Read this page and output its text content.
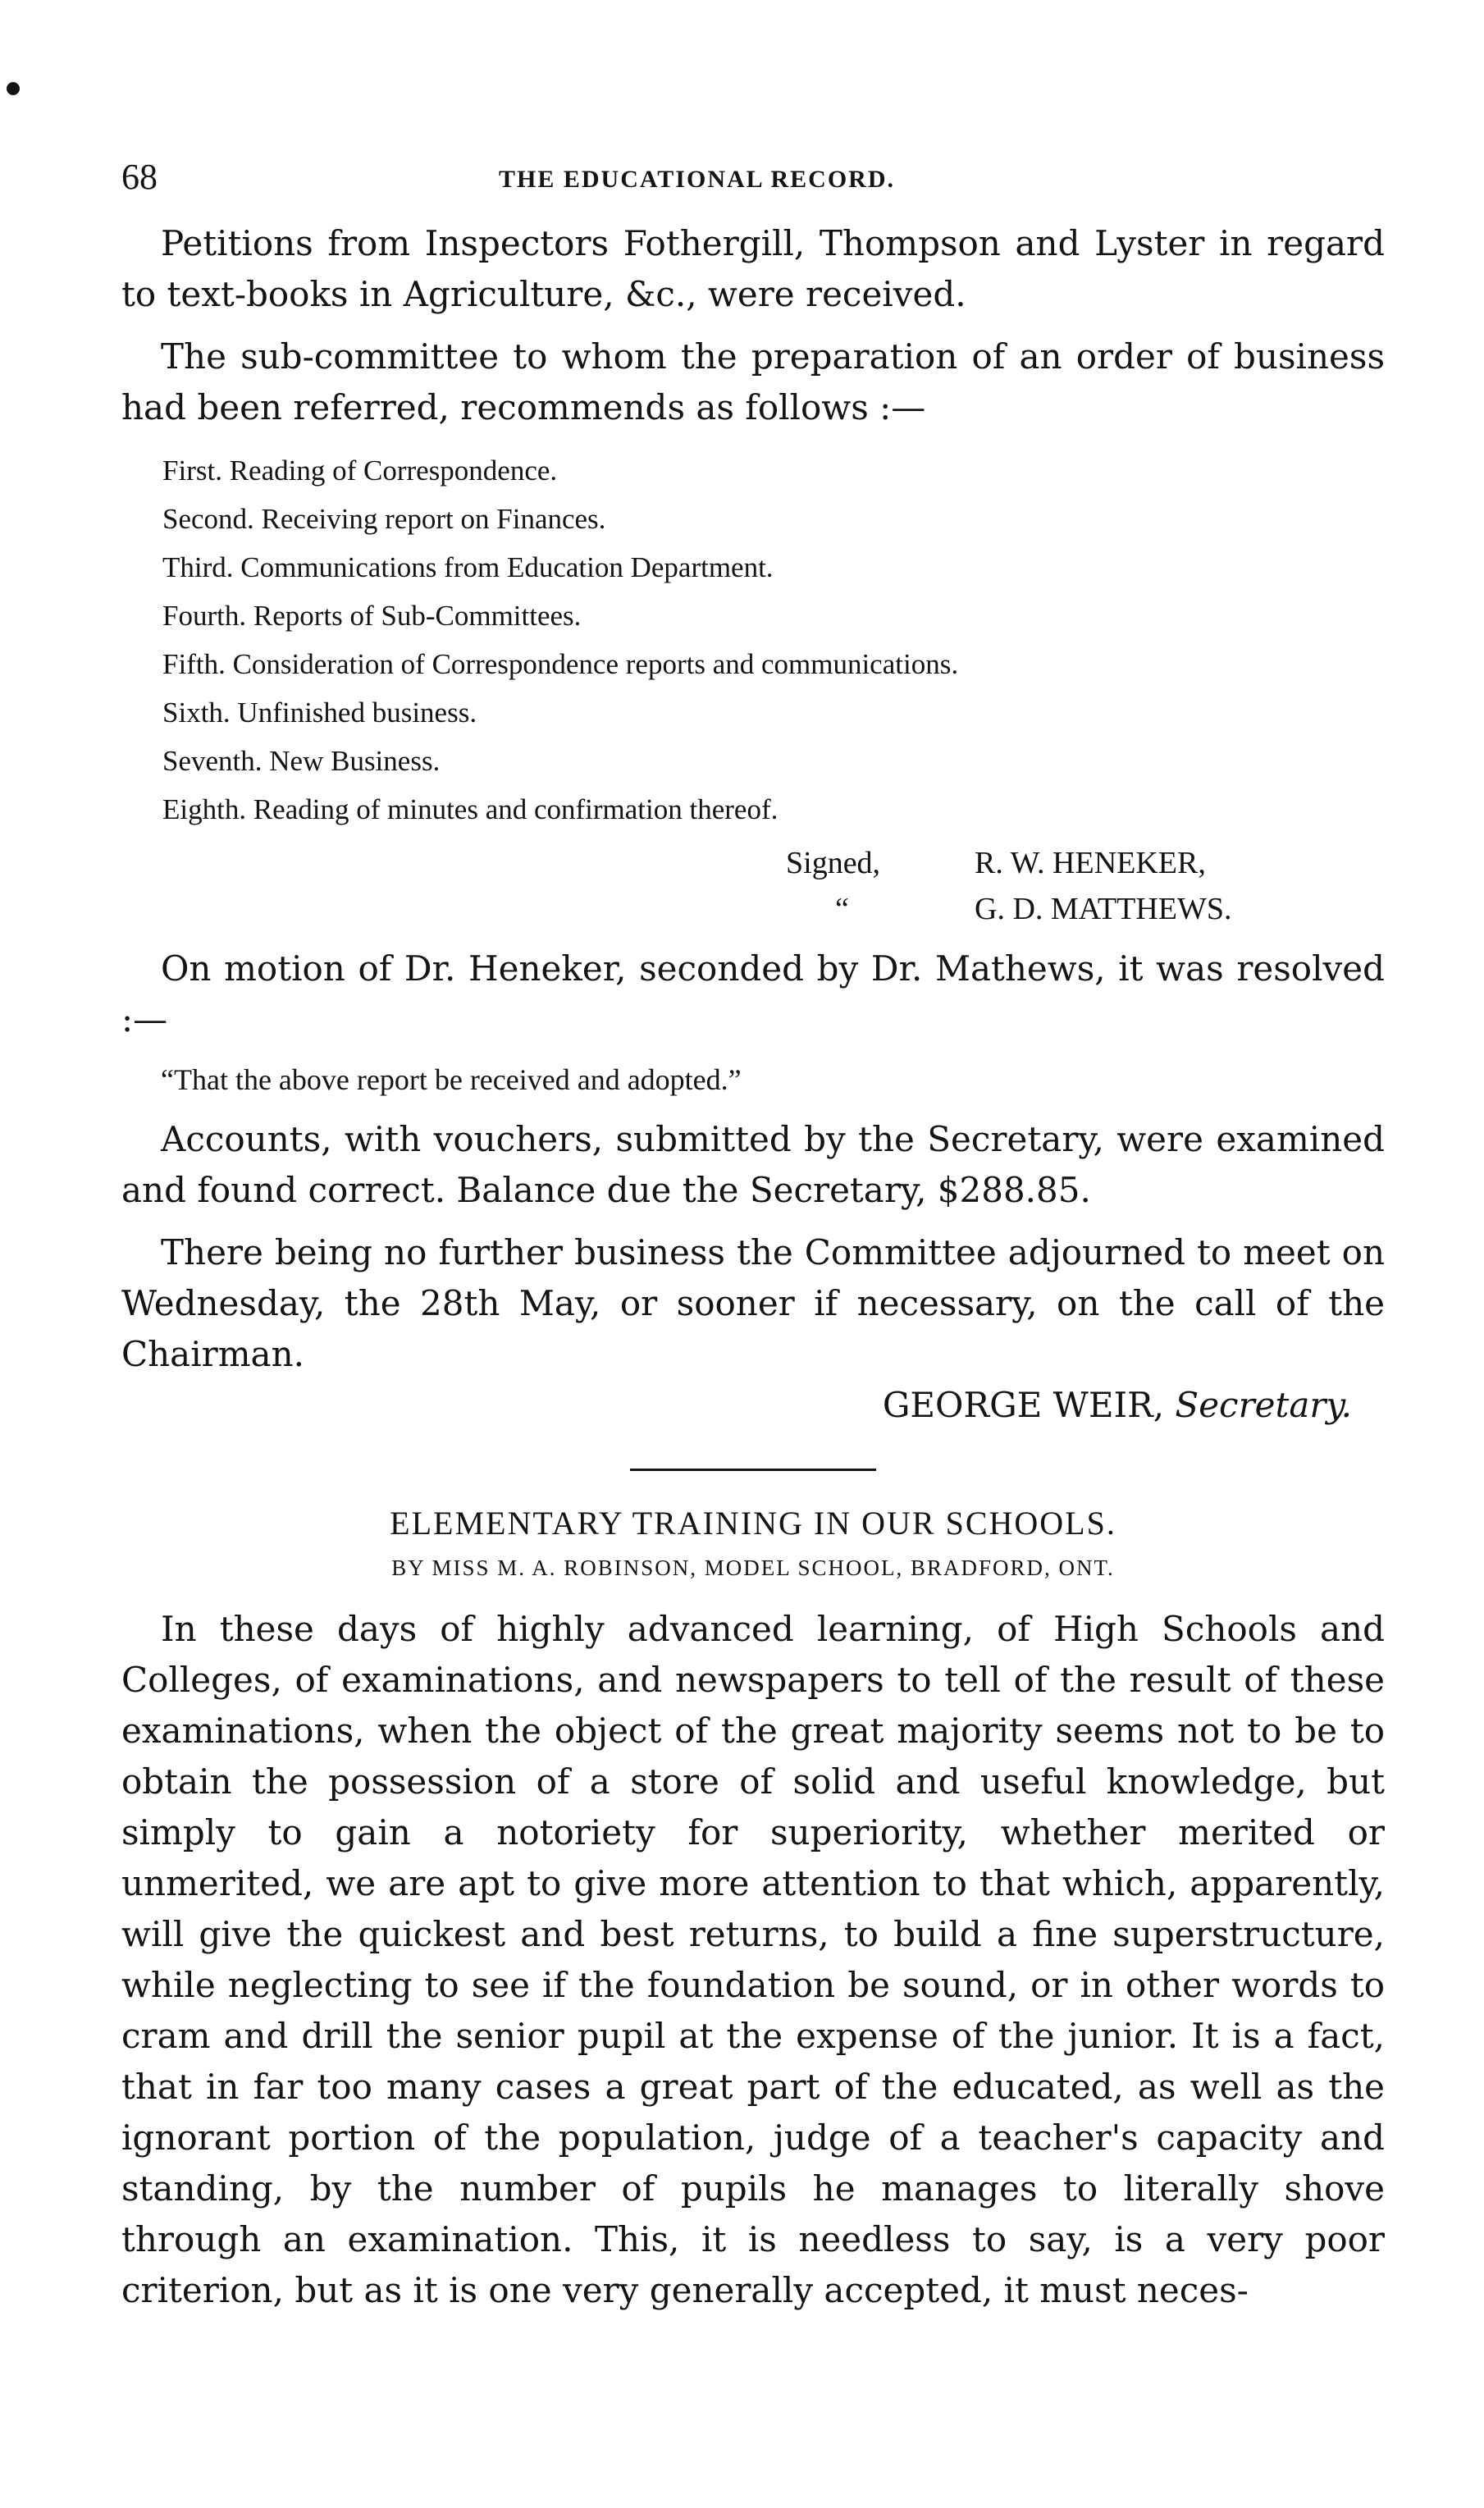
68	THE EDUCATIONAL RECORD.

Petitions from Inspectors Fothergill, Thompson and Lyster in regard to text-books in Agriculture, &c., were received.

The sub-committee to whom the preparation of an order of business had been referred, recommends as follows :—

First. Reading of Correspondence.
Second. Receiving report on Finances.
Third. Communications from Education Department.
Fourth. Reports of Sub-Committees.
Fifth. Consideration of Correspondence reports and communications.
Sixth. Unfinished business.
Seventh. New Business.
Eighth. Reading of minutes and confirmation thereof.
Signed,	R. W. HENEKER,
“	G. D. MATTHEWS.

On motion of Dr. Heneker, seconded by Dr. Mathews, it was resolved :—

“That the above report be received and adopted.”

Accounts, with vouchers, submitted by the Secretary, were examined and found correct. Balance due the Secretary, $288.85.

There being no further business the Committee adjourned to meet on Wednesday, the 28th May, or sooner if necessary, on the call of the Chairman.

GEORGE WEIR, Secretary.

ELEMENTARY TRAINING IN OUR SCHOOLS.

BY MISS M. A. ROBINSON, MODEL SCHOOL, BRADFORD, ONT.

In these days of highly advanced learning, of High Schools and Colleges, of examinations, and newspapers to tell of the result of these examinations, when the object of the great majority seems not to be to obtain the possession of a store of solid and useful knowledge, but simply to gain a notoriety for superiority, whether merited or unmerited, we are apt to give more attention to that which, apparently, will give the quickest and best returns, to build a fine superstructure, while neglecting to see if the foundation be sound, or in other words to cram and drill the senior pupil at the expense of the junior. It is a fact, that in far too many cases a great part of the educated, as well as the ignorant portion of the population, judge of a teacher's capacity and standing, by the number of pupils he manages to literally shove through an examination. This, it is needless to say, is a very poor criterion, but as it is one very generally accepted, it must neces-
